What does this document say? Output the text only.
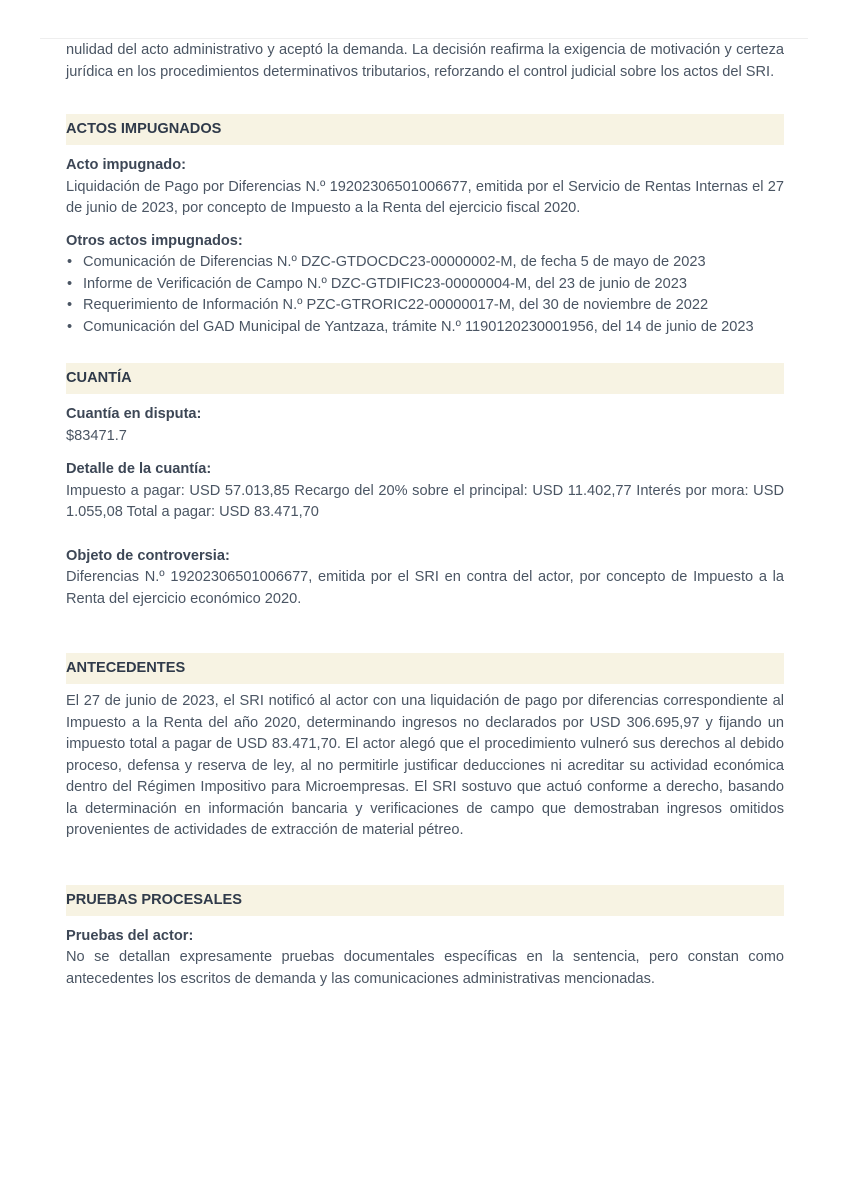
nulidad del acto administrativo y aceptó la demanda. La decisión reafirma la exigencia de motivación y certeza jurídica en los procedimientos determinativos tributarios, reforzando el control judicial sobre los actos del SRI.

ACTOS IMPUGNADOS
Acto impugnado:

Liquidación de Pago por Diferencias N.º 19202306501006677, emitida por el Servicio de Rentas Internas el 27 de junio de 2023, por concepto de Impuesto a la Renta del ejercicio fiscal 2020.

Otros actos impugnados:
• Comunicación de Diferencias N.º DZC-GTDOCDC23-00000002-M, de fecha 5 de mayo de 2023
• Informe de Verificación de Campo N.º DZC-GTDIFIC23-00000004-M, del 23 de junio de 2023
• Requerimiento de Información N.º PZC-GTRORIC22-00000017-M, del 30 de noviembre de 2022
• Comunicación del GAD Municipal de Yantzaza, trámite N.º 1190120230001956, del 14 de junio de 2023
CUANTÍA
Cuantía en disputa:
$83471.7
Detalle de la cuantía:

Impuesto a pagar: USD 57.013,85 Recargo del 20% sobre el principal: USD 11.402,77 Interés por mora: USD 1.055,08 Total a pagar: USD 83.471,70

Objeto de controversia:

Diferencias N.º 19202306501006677, emitida por el SRI en contra del actor, por concepto de Impuesto a la Renta del ejercicio económico 2020.

ANTECEDENTES

El 27 de junio de 2023, el SRI notificó al actor con una liquidación de pago por diferencias correspondiente al Impuesto a la Renta del año 2020, determinando ingresos no declarados por USD 306.695,97 y fijando un impuesto total a pagar de USD 83.471,70. El actor alegó que el procedimiento vulneró sus derechos al debido proceso, defensa y reserva de ley, al no permitirle justificar deducciones ni acreditar su actividad económica dentro del Régimen Impositivo para Microempresas. El SRI sostuvo que actuó conforme a derecho, basando la determinación en información bancaria y verificaciones de campo que demostraban ingresos omitidos provenientes de actividades de extracción de material pétreo.

PRUEBAS PROCESALES
Pruebas del actor:

No se detallan expresamente pruebas documentales específicas en la sentencia, pero constan como antecedentes los escritos de demanda y las comunicaciones administrativas mencionadas.
